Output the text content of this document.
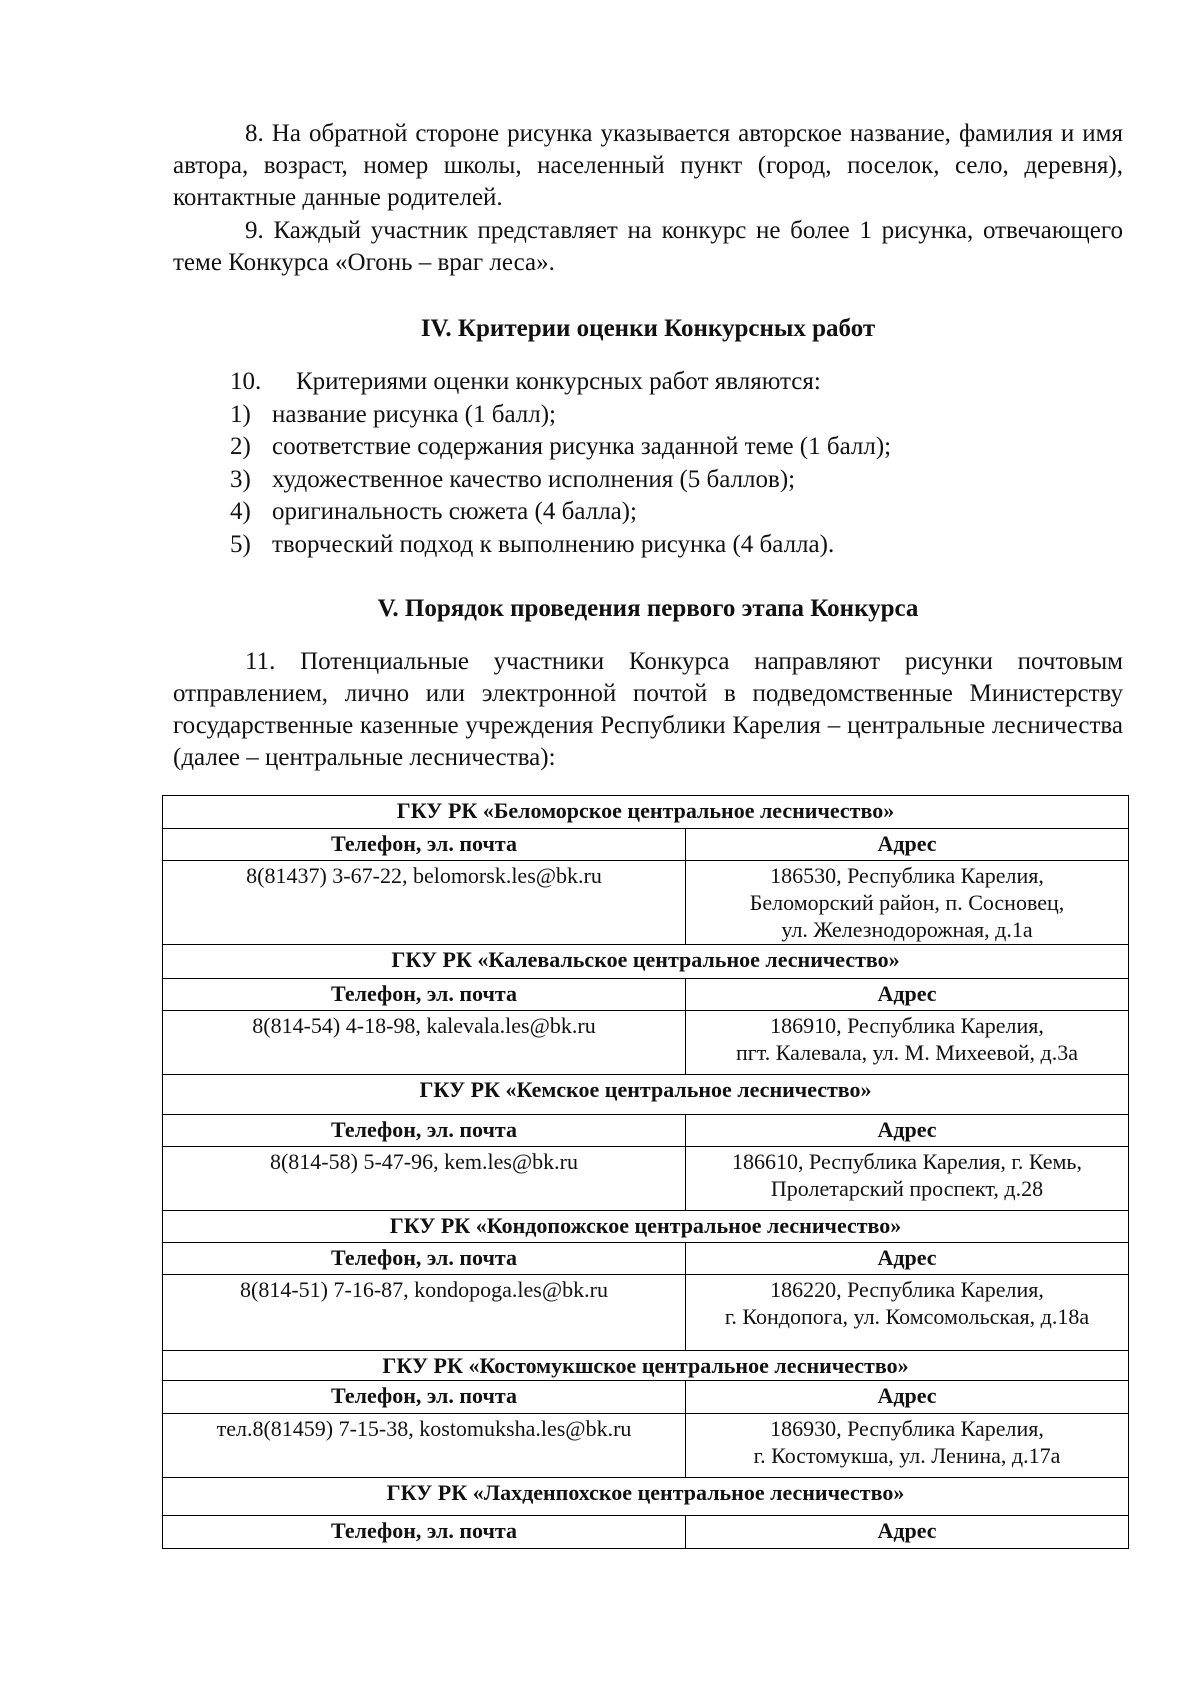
8. На обратной стороне рисунка указывается авторское название, фамилия и имя автора, возраст, номер школы, населенный пункт (город, поселок, село, деревня), контактные данные родителей.
9. Каждый участник представляет на конкурс не более 1 рисунка, отвечающего теме Конкурса «Огонь – враг леса».
IV. Критерии оценки Конкурсных работ
10.	Критериями оценки конкурсных работ являются:
1) название рисунка (1 балл);
2) соответствие содержания рисунка заданной теме (1 балл);
3) художественное качество исполнения (5 баллов);
4) оригинальность сюжета (4 балла);
5) творческий подход к выполнению рисунка (4 балла).
V. Порядок проведения первого этапа Конкурса
11. Потенциальные участники Конкурса направляют рисунки почтовым отправлением, лично или электронной почтой в подведомственные Министерству государственные казенные учреждения Республики Карелия – центральные лесничества (далее – центральные лесничества):
ГКУ РК «Беломорское центральное лесничество»	
Телефон, эл. почта	Адрес
8(81437) 3-67-22, belomorsk.les@bk.ru	186530, Республика Карелия,
Беломорский район, п. Сосновец,
ул. Железнодорожная, д.1а

ГКУ РК «Калевальское центральное лесничество»	
Телефон, эл. почта	Адрес
8(814-54) 4-18-98, kalevala.les@bk.ru	186910, Республика Карелия,
пгт. Калевала, ул. М. Михеевой, д.3а

ГКУ РК «Кемское центральное лесничество»	
Телефон, эл. почта	Адрес
8(814-58) 5-47-96, kem.les@bk.ru	186610, Республика Карелия, г. Кемь,
Пролетарский проспект, д.28

ГКУ РК «Кондопожское центральное лесничество»	
Телефон, эл. почта	Адрес
8(814-51) 7-16-87, kondopoga.les@bk.ru	186220, Республика Карелия,
г. Кондопога, ул. Комсомольская, д.18а

ГКУ РК «Костомукшское центральное лесничество»	
Телефон, эл. почта	Адрес
тел.8(81459) 7-15-38, kostomuksha.les@bk.ru	186930, Республика Карелия,
г. Костомукша, ул. Ленина, д.17а

ГКУ РК «Лахденпохское центральное лесничество»	
Телефон, эл. почта	Адрес
